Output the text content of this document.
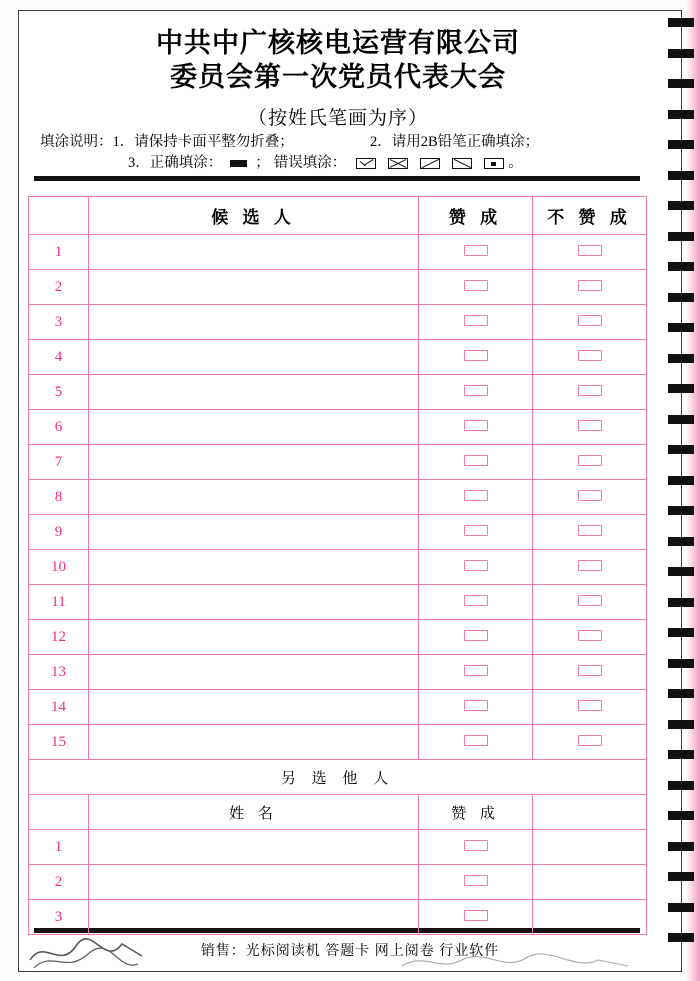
中共中广核核电运营有限公司
委员会第一次党员代表大会
（按姓氏笔画为序）
填涂说明：1．请保持卡面平整勿折叠；	2．请用2B铅笔正确填涂；
3．正确填涂： ； 错误填涂：	。
	候 选 人	赞 成	不 赞 成
1			
2			
3			
4			
5			
6			
7			
8			
9			
10			
11			
12			
13			
14			
15			
另 选 他 人			
	姓 名	赞 成	
1			
2			
3			
销售：光标阅读机 答题卡 网上阅卷 行业软件
